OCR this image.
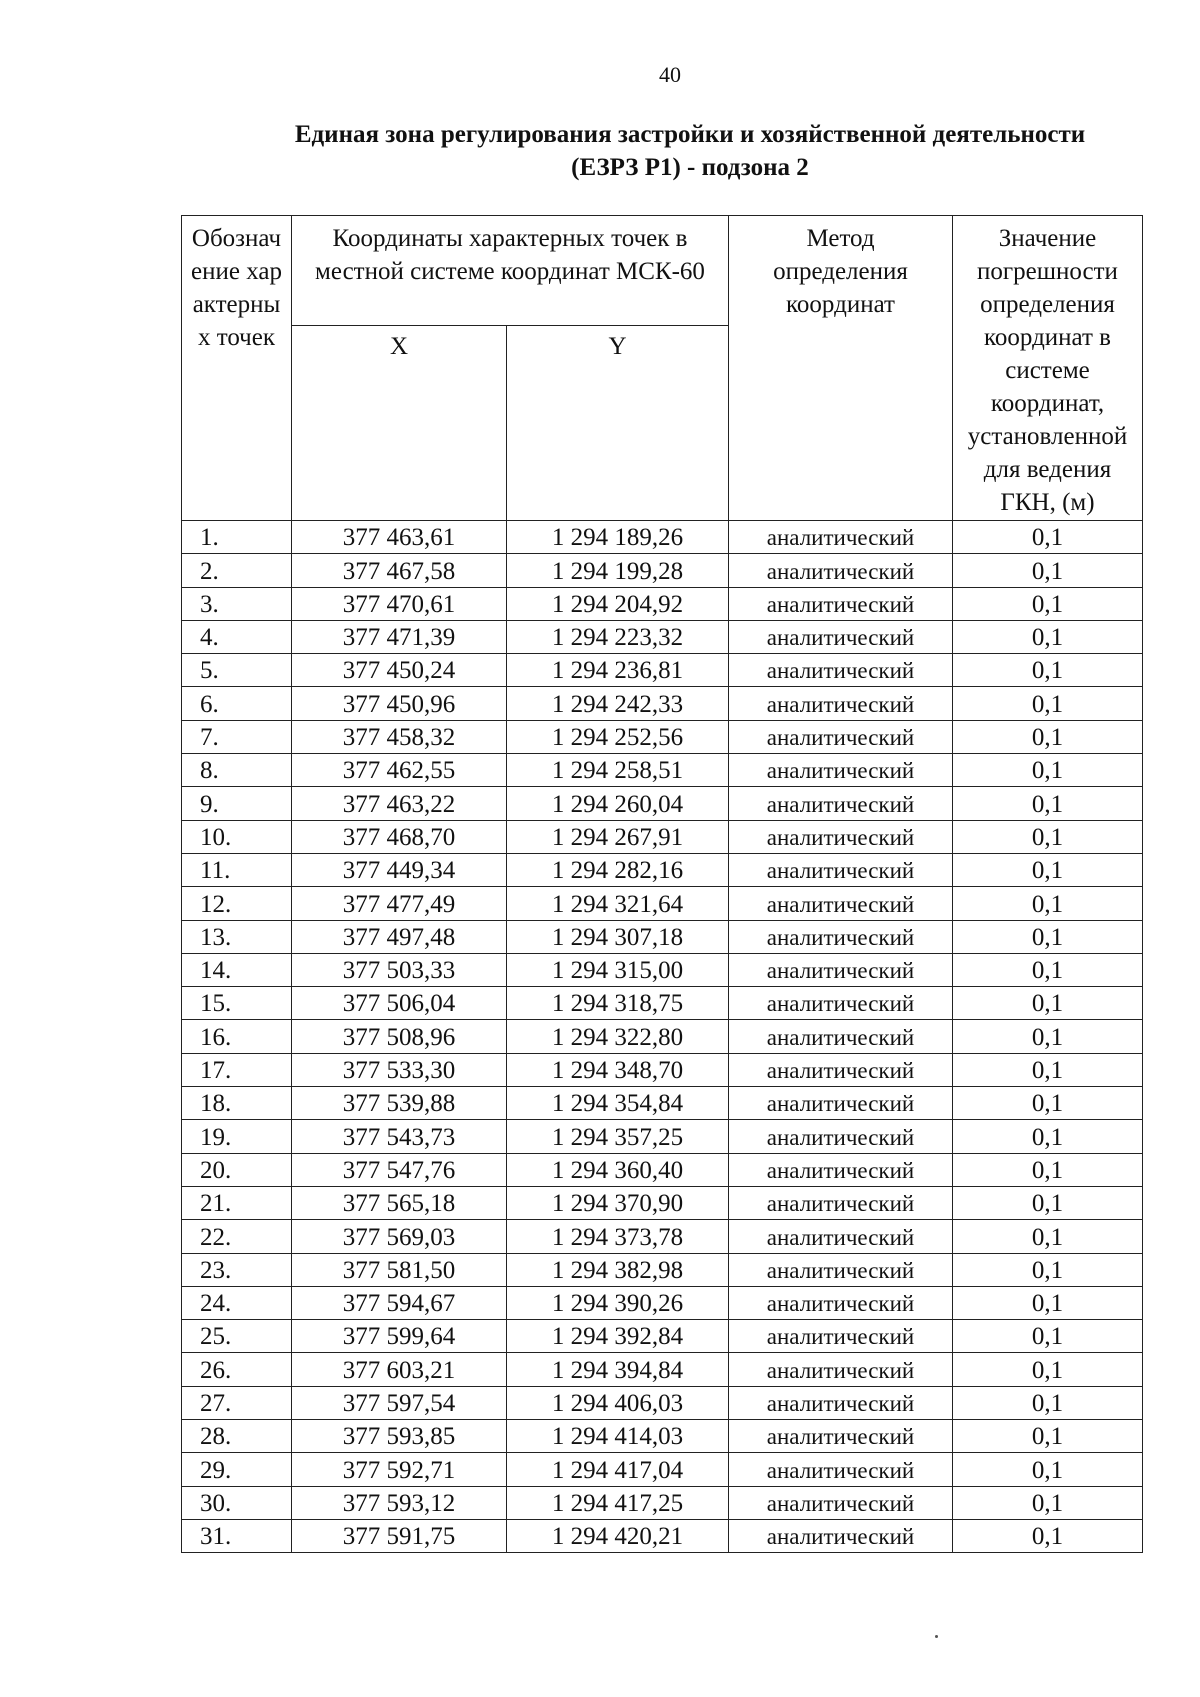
40
Единая зона регулирования застройки и хозяйственной деятельности
(ЕЗРЗ Р1) - подзона 2
Обозначение характерных точек	Координаты характерных точек в местной системе координат МСК-60		Метод определения координат	Значение погрешности определения координат в системе координат, установленной для ведения ГКН, (м)

	X	Y		
1.	377 463,61	1 294 189,26	аналитический	0,1
2.	377 467,58	1 294 199,28	аналитический	0,1
3.	377 470,61	1 294 204,92	аналитический	0,1
4.	377 471,39	1 294 223,32	аналитический	0,1
5.	377 450,24	1 294 236,81	аналитический	0,1
6.	377 450,96	1 294 242,33	аналитический	0,1
7.	377 458,32	1 294 252,56	аналитический	0,1
8.	377 462,55	1 294 258,51	аналитический	0,1
9.	377 463,22	1 294 260,04	аналитический	0,1
10.	377 468,70	1 294 267,91	аналитический	0,1
11.	377 449,34	1 294 282,16	аналитический	0,1
12.	377 477,49	1 294 321,64	аналитический	0,1
13.	377 497,48	1 294 307,18	аналитический	0,1
14.	377 503,33	1 294 315,00	аналитический	0,1
15.	377 506,04	1 294 318,75	аналитический	0,1
16.	377 508,96	1 294 322,80	аналитический	0,1
17.	377 533,30	1 294 348,70	аналитический	0,1
18.	377 539,88	1 294 354,84	аналитический	0,1
19.	377 543,73	1 294 357,25	аналитический	0,1
20.	377 547,76	1 294 360,40	аналитический	0,1
21.	377 565,18	1 294 370,90	аналитический	0,1
22.	377 569,03	1 294 373,78	аналитический	0,1
23.	377 581,50	1 294 382,98	аналитический	0,1
24.	377 594,67	1 294 390,26	аналитический	0,1
25.	377 599,64	1 294 392,84	аналитический	0,1
26.	377 603,21	1 294 394,84	аналитический	0,1
27.	377 597,54	1 294 406,03	аналитический	0,1
28.	377 593,85	1 294 414,03	аналитический	0,1
29.	377 592,71	1 294 417,04	аналитический	0,1
30.	377 593,12	1 294 417,25	аналитический	0,1
31.	377 591,75	1 294 420,21	аналитический	0,1
